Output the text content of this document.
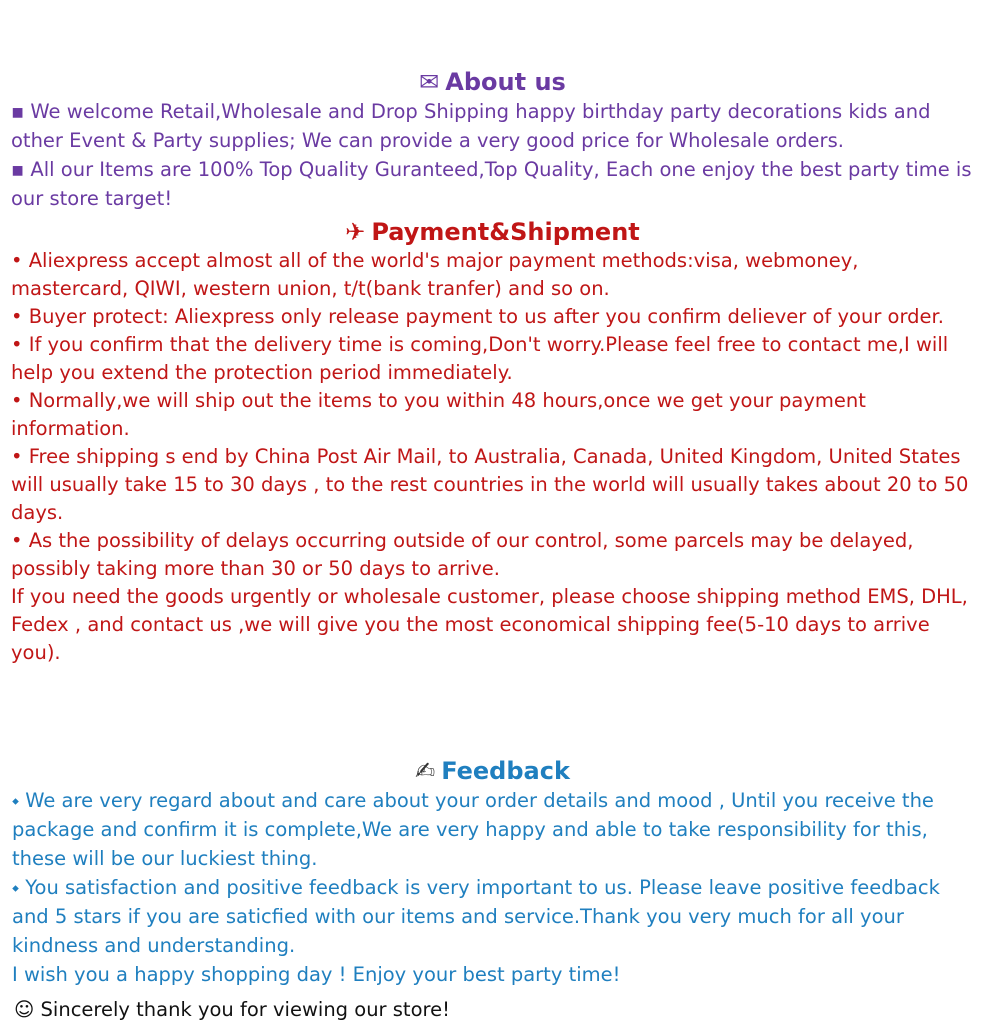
✉ About us

▪ We welcome Retail,Wholesale and Drop Shipping happy birthday party decorations kids and other Event & Party supplies; We can provide a very good price for Wholesale orders.

▪ All our Items are 100% Top Quality Guranteed,Top Quality, Each one enjoy the best party time is our store target!

✈ Payment&Shipment

• Aliexpress accept almost all of the world's major payment methods:visa, webmoney, mastercard, QIWI, western union, t/t(bank tranfer) and so on.

• Buyer protect: Aliexpress only release payment to us after you confirm deliever of your order.

• If you confirm that the delivery time is coming,Don't worry.Please feel free to contact me,I will help you extend the protection period immediately.

• Normally,we will ship out the items to you within 48 hours,once we get your payment information.

• Free shipping s end by China Post Air Mail, to Australia, Canada, United Kingdom, United States will usually take 15 to 30 days , to the rest countries in the world will usually takes about 20 to 50 days.

• As the possibility of delays occurring outside of our control, some parcels may be delayed, possibly taking more than 30 or 50 days to arrive.

If you need the goods urgently or wholesale customer, please choose shipping method EMS, DHL, Fedex , and contact us ,we will give you the most economical shipping fee(5-10 days to arrive you).

✍ Feedback

⬩ We are very regard about and care about your order details and mood , Until you receive the package and confirm it is complete,We are very happy and able to take responsibility for this, these will be our luckiest thing.

⬩ You satisfaction and positive feedback is very important to us. Please leave positive feedback and 5 stars if you are saticfied with our items and service.Thank you very much for all your kindness and understanding.

I wish you a happy shopping day ! Enjoy your best party time!

☺ Sincerely thank you for viewing our store!
